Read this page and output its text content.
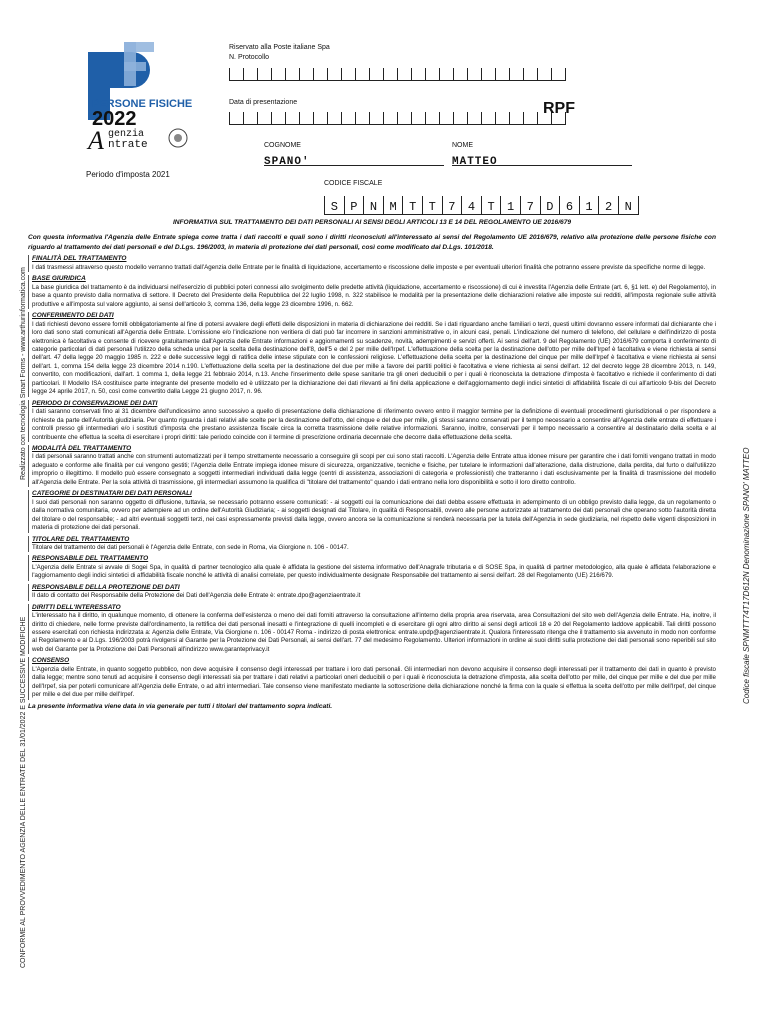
Realizzato con tecnologia Smart Forms - www.arthurinformatica.com
CONFORME AL PROVVEDIMENTO AGENZIA DELLE ENTRATE DEL 31/01/2022 E SUCCESSIVE MODIFICHE
Codice fiscale SPNMTT74T17D612N Denominazione SPANO' MATTEO
PERSONE FISICHE
2022
genzia
ntrate
A
Periodo d'imposta 2021
Riservato alla Poste italiane Spa
N. Protocollo
Data di presentazione	RPF
COGNOME
SPANO'
NOME
MATTEO
CODICE FISCALE
S	P	N	M	T	T	7	4	T	1	7	D	6	1	2	N
INFORMATIVA SUL TRATTAMENTO DEI DATI PERSONALI AI SENSI DEGLI ARTICOLI 13 E 14 DEL REGOLAMENTO UE 2016/679

Con questa informativa l'Agenzia delle Entrate spiega come tratta i dati raccolti e quali sono i diritti riconosciuti all'interessato ai sensi del Regolamento UE 2016/679, relativo alla protezione delle persone fisiche con riguardo al trattamento dei dati personali e del D.Lgs. 196/2003, in materia di protezione dei dati personali, così come modificato dal D.Lgs. 101/2018.

FINALITÀ DEL TRATTAMENTO

I dati trasmessi attraverso questo modello verranno trattati dall'Agenzia delle Entrate per le finalità di liquidazione, accertamento e riscossione delle imposte e per eventuali ulteriori finalità che potranno essere previste da specifiche norme di legge.

BASE GIURIDICA

La base giuridica del trattamento è da individuarsi nell'esercizio di pubblici poteri connessi allo svolgimento delle predette attività (liquidazione, accertamento e riscossione) di cui è investita l'Agenzia delle Entrate (art. 6, §1 lett. e) del Regolamento), in base a quanto previsto dalla normativa di settore. Il Decreto del Presidente della Repubblica del 22 luglio 1998, n. 322 stabilisce le modalità per la presentazione delle dichiarazioni relative alle imposte sui redditi, all'imposta regionale sulle attività produttive e all'imposta sul valore aggiunto, ai sensi dell'articolo 3, comma 136, della legge 23 dicembre 1996, n. 662.

CONFERIMENTO DEI DATI

I dati richiesti devono essere forniti obbligatoriamente al fine di potersi avvalere degli effetti delle disposizioni in materia di dichiarazione dei redditi. Se i dati riguardano anche familiari o terzi, questi ultimi dovranno essere informati dal dichiarante che i loro dati sono stati comunicati all'Agenzia delle Entrate. L'omissione e/o l'indicazione non veritiera di dati può far incorrere in sanzioni amministrative o, in alcuni casi, penali. L'indicazione del numero di telefono, del cellulare e dell'indirizzo di posta elettronica è facoltativa e consente di ricevere gratuitamente dall'Agenzia delle Entrate informazioni e aggiornamenti su scadenze, novità, adempimenti e servizi offerti. Ai sensi dell'art. 9 del Regolamento (UE) 2016/679 comporta il conferimento di categorie particolari di dati personali l'utilizzo della scheda unica per la scelta della destinazione dell'8, dell'5 e del 2 per mille dell'Irpef. L'effettuazione della scelta per la destinazione dell'otto per mille dell'Irpef è facoltativa e viene richiesta ai sensi dell'art. 47 della legge 20 maggio 1985 n. 222 e delle successive leggi di ratifica delle intese stipulate con le confessioni religiose. L'effettuazione della scelta per la destinazione del cinque per mille dell'Irpef è facoltativa e viene richiesta ai sensi dell'art. 1, comma 154 della legge 23 dicembre 2014 n.190. L'effettuazione della scelta per la destinazione del due per mille a favore dei partiti politici è facoltativa e viene richiesta ai sensi dell'art. 12 del decreto legge 28 dicembre 2013, n. 149, convertito, con modificazioni, dall'art. 1 comma 1, della legge 21 febbraio 2014, n.13. Anche l'inserimento delle spese sanitarie tra gli oneri deducibili o per i quali è riconosciuta la detrazione d'imposta è facoltativo e richiede il conferimento di dati particolari. Il Modello ISA costituisce parte integrante del presente modello ed è utilizzato per la dichiarazione dei dati rilevanti ai fini della applicazione e dell'aggiornamento degli indici sintetici di affidabilità fiscale di cui all'articolo 9-bis del Decreto legge 24 aprile 2017, n. 50, così come convertito dalla Legge 21 giugno 2017, n. 96.

PERIODO DI CONSERVAZIONE DEI DATI

I dati saranno conservati fino al 31 dicembre dell'undicesimo anno successivo a quello di presentazione della dichiarazione di riferimento ovvero entro il maggior termine per la definizione di eventuali procedimenti giurisdizionali o per rispondere a richieste da parte dell'Autorità giudiziaria. Per quanto riguarda i dati relativi alle scelte per la destinazione dell'otto, del cinque e del due per mille, gli stessi saranno conservati per il tempo necessario a consentire all'Agenzia delle entrate di effettuare i controlli presso gli intermediari e/o i sostituti d'imposta che prestano assistenza fiscale circa la corretta trasmissione delle relative informazioni. Saranno, inoltre, conservati per il tempo necessario a consentire al destinatario della scelta e al contribuente che effettua la scelta di esercitare i propri diritti: tale periodo coincide con il termine di prescrizione ordinaria decennale che decorre dalla effettuazione della scelta.

MODALITÀ DEL TRATTAMENTO

I dati personali saranno trattati anche con strumenti automatizzati per il tempo strettamente necessario a conseguire gli scopi per cui sono stati raccolti. L'Agenzia delle Entrate attua idonee misure per garantire che i dati forniti vengano trattati in modo adeguato e conforme alle finalità per cui vengono gestiti; l'Agenzia delle Entrate impiega idonee misure di sicurezza, organizzative, tecniche e fisiche, per tutelare le informazioni dall'alterazione, dalla distruzione, dalla perdita, dal furto o dall'utilizzo improprio o illegittimo. Il modello può essere consegnato a soggetti intermediari individuati dalla legge (centri di assistenza, associazioni di categoria e professionisti) che tratteranno i dati esclusivamente per la finalità di trasmissione del modello all'Agenzia delle Entrate. Per la sola attività di trasmissione, gli intermediari assumono la qualifica di "titolare del trattamento" quando i dati entrano nella loro disponibilità e sotto il loro diretto controllo.

CATEGORIE DI DESTINATARI DEI DATI PERSONALI

I suoi dati personali non saranno oggetto di diffusione, tuttavia, se necessario potranno essere comunicati: - ai soggetti cui la comunicazione dei dati debba essere effettuata in adempimento di un obbligo previsto dalla legge, da un regolamento o dalla normativa comunitaria, ovvero per adempiere ad un ordine dell'Autorità Giudiziaria; - ai soggetti designati dal Titolare, in qualità di Responsabili, ovvero alle persone autorizzate al trattamento dei dati personali che operano sotto l'autorità diretta del titolare o del responsabile; - ad altri eventuali soggetti terzi, nei casi espressamente previsti dalla legge, ovvero ancora se la comunicazione si renderà necessaria per la tutela dell'Agenzia in sede giudiziaria, nel rispetto delle vigenti disposizioni in materia di protezione dei dati personali.

TITOLARE DEL TRATTAMENTO

Titolare del trattamento dei dati personali è l'Agenzia delle Entrate, con sede in Roma, via Giorgione n. 106 - 00147.

RESPONSABILE DEL TRATTAMENTO

L'Agenzia delle Entrate si avvale di Sogei Spa, in qualità di partner tecnologico alla quale è affidata la gestione del sistema informativo dell'Anagrafe tributaria e di SOSE Spa, in qualità di partner metodologico, alla quale è affidata l'elaborazione e l'aggiornamento degli indici sintetici di affidabilità fiscale nonché le attività di analisi correlate, per questo individualmente designate Responsabile del trattamento ai sensi dell'art. 28 del Regolamento (UE) 216/679.

RESPONSABILE DELLA PROTEZIONE DEI DATI

Il dato di contatto del Responsabile della Protezione dei Dati dell'Agenzia delle Entrate è: entrate.dpo@agenziaentrate.it

DIRITTI DELL'INTERESSATO

L'interessato ha il diritto, in qualunque momento, di ottenere la conferma dell'esistenza o meno dei dati forniti attraverso la consultazione all'interno della propria area riservata, area Consultazioni del sito web dell'Agenzia delle Entrate. Ha, inoltre, il diritto di chiedere, nelle forme previste dall'ordinamento, la rettifica dei dati personali inesatti e l'integrazione di quelli incompleti e di esercitare gli ogni altro diritto ai sensi degli articoli 18 e 20 del Regolamento laddove applicabili. Tali diritti possono essere esercitati con richiesta indirizzata a: Agenzia delle Entrate, Via Giorgione n. 106 - 00147 Roma - indirizzo di posta elettronica: entrate.updp@agenziaentrate.it. Qualora l'interessato ritenga che il trattamento sia avvenuto in modo non conforme al Regolamento e al D.Lgs. 196/2003 potrà rivolgersi al Garante per la Protezione dei Dati Personali, ai sensi dell'art. 77 del medesimo Regolamento. Ulteriori informazioni in ordine ai suoi diritti sulla protezione dei dati personali sono reperibili sul sito web del Garante per la Protezione dei Dati Personali all'indirizzo www.garanteprivacy.it

CONSENSO

L'Agenzia delle Entrate, in quanto soggetto pubblico, non deve acquisire il consenso degli interessati per trattare i loro dati personali. Gli intermediari non devono acquisire il consenso degli interessati per il trattamento dei dati in quanto è previsto dalla legge; mentre sono tenuti ad acquisire il consenso degli interessati sia per trattare i dati relativi a particolari oneri deducibili o per i quali è riconosciuta la detrazione d'imposta, alla scelta dell'otto per mille, del cinque per mille e del due per mille dell'Irpef, sia per poterli comunicare all'Agenzia delle Entrate, o ad altri intermediari. Tale consenso viene manifestato mediante la sottoscrizione della dichiarazione nonché la firma con la quale si effettua la scelta dell'otto per mille dell'Irpef, del cinque per mille e del due per mille dell'Irpef.

La presente informativa viene data in via generale per tutti i titolari del trattamento sopra indicati.
